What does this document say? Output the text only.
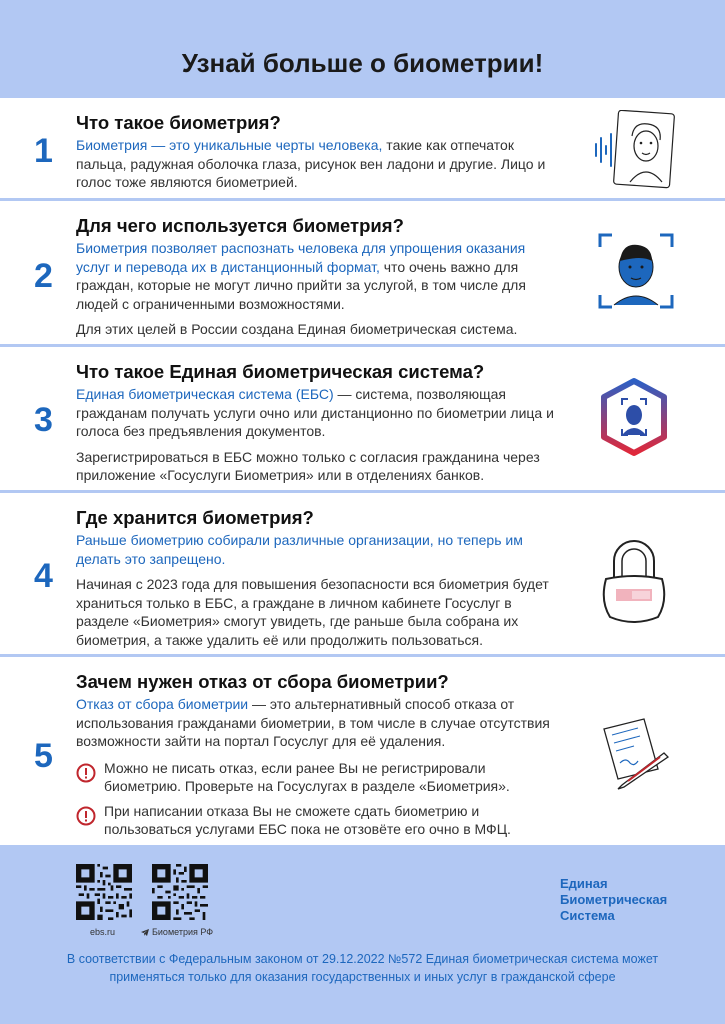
Узнай больше о биометрии!
1
Что такое биометрия?

Биометрия — это уникальные черты человека, такие как отпечаток пальца, радужная оболочка глаза, рисунок вен ладони и другие. Лицо и голос тоже являются биометрией.

2
Для чего используется биометрия?

Биометрия позволяет распознать человека для упрощения оказания услуг и перевода их в дистанционный формат, что очень важно для граждан, которые не могут лично прийти за услугой, в том числе для людей с ограниченными возможностями.

Для этих целей в России создана Единая биометрическая система.

3
Что такое Единая биометрическая система?

Единая биометрическая система (ЕБС) — система, позволяющая гражданам получать услуги очно или дистанционно по биометрии лица и голоса без предъявления документов.

Зарегистрироваться в ЕБС можно только с согласия гражданина через приложение «Госуслуги Биометрия» или в отделениях банков.

4
Где хранится биометрия?

Раньше биометрию собирали различные организации, но теперь им делать это запрещено.

Начиная с 2023 года для повышения безопасности вся биометрия будет храниться только в ЕБС, а граждане в личном кабинете Госуслуг в разделе «Биометрия» смогут увидеть, где раньше была собрана их биометрия, а также удалить её или продолжить пользоваться.

5
Зачем нужен отказ от сбора биометрии?

Отказ от сбора биометрии — это альтернативный способ отказа от использования гражданами биометрии, в том числе в случае отсутствия возможности зайти на портал Госуслуг для её удаления.

Можно не писать отказ, если ранее Вы не регистрировали биометрию. Проверьте на Госуслугах в разделе «Биометрия».
При написании отказа Вы не сможете сдать биометрию и пользоваться услугами ЕБС пока не отзовёте его очно в МФЦ.
ebs.ru	Биометрия РФ
Единая
Биометрическая
Система
В соответствии с Федеральным законом от 29.12.2022 №572 Единая биометрическая система может применяться только для оказания государственных и иных услуг в гражданской сфере
